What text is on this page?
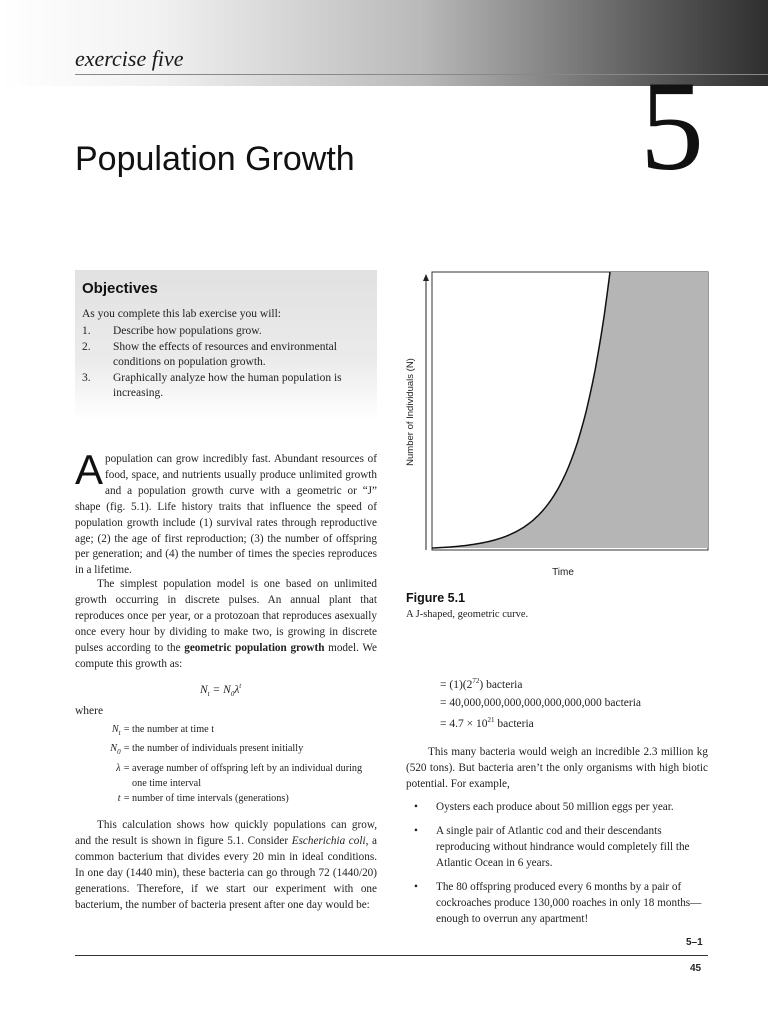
exercise five	5
Population Growth
Objectives
As you complete this lab exercise you will:
1.	Describe how populations grow.
2.	Show the effects of resources and environmental conditions on population growth.
3.	Graphically analyze how the human population is increasing.
Apopulation can grow incredibly fast. Abundant resources of food, space, and nutrients usually produce unlimited growth and a population growth curve with a geometric or “J” shape (fig. 5.1). Life history traits that influence the speed of population growth include (1) survival rates through reproductive age; (2) the age of first reproduction; (3) the number of offspring per generation; and (4) the number of times the species reproduces in a lifetime.
The simplest population model is one based on unlimited growth occurring in discrete pulses. An annual plant that reproduces once per year, or a protozoan that reproduces asexually once every hour by dividing to make two, is growing in discrete pulses according to the geometric population growth model. We compute this growth as:
$N_t = N_0\lambda^t$
where
$N_t$ = the number at time t
$N_0$ = the number of individuals present initially
λ = average number of offspring left by an individual during one time interval
t = number of time intervals (generations)
This calculation shows how quickly populations can grow, and the result is shown in figure 5.1. Consider Escherichia coli, a common bacterium that divides every 20 min in ideal conditions. In one day (1440 min), these bacteria can go through 72 (1440/20) generations. Therefore, if we start our experiment with one bacterium, the number of bacteria present after one day would be:
Number of Individuals (N)
Time
Figure 5.1
A J-shaped, geometric curve.
= $(1)(2^{72})$ bacteria
= 40,000,000,000,000,000,000,000 bacteria
= $4.7 \times 10^{21}$ bacteria
This many bacteria would weigh an incredible 2.3 million kg (520 tons). But bacteria aren’t the only organisms with high biotic potential. For example,
•	Oysters each produce about 50 million eggs per year.
•	A single pair of Atlantic cod and their descendants reproducing without hindrance would completely fill the Atlantic Ocean in 6 years.
•	The 80 offspring produced every 6 months by a pair of cockroaches produce 130,000 roaches in only 18 months—enough to overrun any apartment!
5–1
45
